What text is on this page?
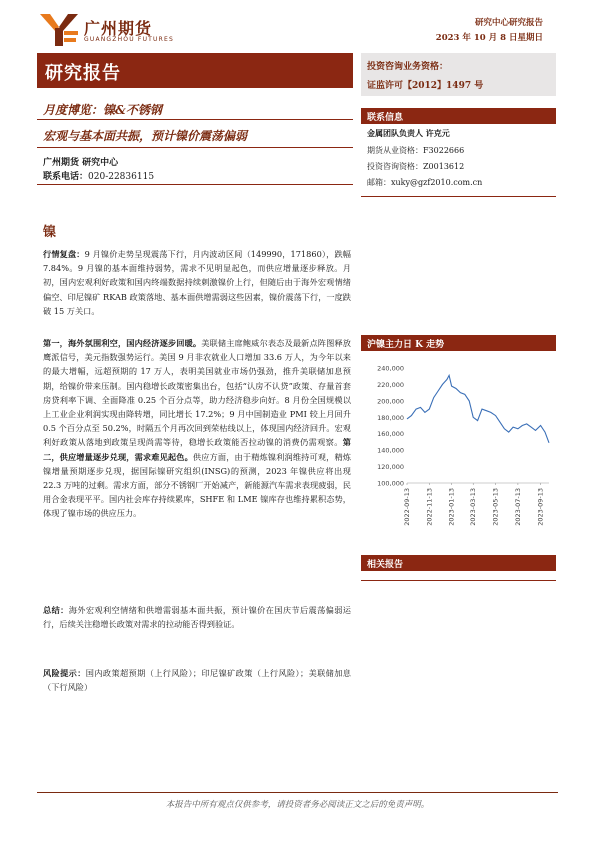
广州期货
GUANGZHOU FUTURES
研究中心研究报告
2023 年 10 月 8 日星期日
研究报告
月度博览：镍&不锈钢
宏观与基本面共振，预计镍价震荡偏弱
广州期货 研究中心
联系电话：020-22836115
镍
行情复盘：9 月镍价走势呈现震荡下行，月内波动区间（149990，171860），跌幅 7.84%。9 月镍的基本面维持弱势，需求不见明显起色，而供应增量逐步释放。月初，国内宏观利好政策和国内终端数据持续刺激镍价上行，但随后由于海外宏观情绪偏空、印尼镍矿 RKAB 政策落地、基本面供增需弱这些因素，镍价震荡下行，一度跌破 15 万关口。
第一，海外氛围利空，国内经济逐步回暖。美联储主席鲍威尔表态及最新点阵图释放鹰派信号，美元指数强势运行。美国 9 月非农就业人口增加 33.6 万人，为今年以来的最大增幅，远超预期的 17 万人，表明美国就业市场仍强劲，推升美联储加息预期，给镍价带来压制。国内稳增长政策密集出台，包括“认房不认贷”政策、存量首套房贷利率下调、全面降准 0.25 个百分点等，助力经济稳步向好。8 月份全国规模以上工业企业利润实现由降转增，同比增长 17.2%；9 月中国制造业 PMI 较上月回升 0.5 个百分点至 50.2%，时隔五个月再次回到荣枯线以上，体现国内经济回升。宏观利好政策从落地到政策呈现尚需等待，稳增长政策能否拉动镍的消费仍需观察。第二，供应增量逐步兑现，需求难见起色。供应方面，由于精炼镍利润维持可观，精炼镍增量预期逐步兑现，据国际镍研究组织(INSG)的预测，2023 年镍供应将出现 22.3 万吨的过剩。需求方面，部分不锈钢厂开始减产，新能源汽车需求表现疲弱，民用合金表现平平。国内社会库存持续累库，SHFE 和 LME 镍库存也维持累积态势，体现了镍市场的供应压力。
总结：海外宏观利空情绪和供增需弱基本面共振，预计镍价在国庆节后震荡偏弱运行，后续关注稳增长政策对需求的拉动能否得到验证。
风险提示：国内政策超预期（上行风险）；印尼镍矿政策（上行风险）；美联储加息（下行风险）
投资咨询业务资格：
证监许可【2012】1497 号
联系信息
金属团队负责人 许克元
期货从业资格：F3022666
投资咨询资格：Z0013612
邮箱：xuky@gzf2010.com.cn
沪镍主力日 K 走势
100,000
120,000
140,000
160,000
180,000
200,000
220,000
240,000
2022-09-13 2022-11-13 2023-01-13 2023-03-13 2023-05-13 2023-07-13 2023-09-13
相关报告
本报告中所有观点仅供参考，请投资者务必阅读正文之后的免责声明。
